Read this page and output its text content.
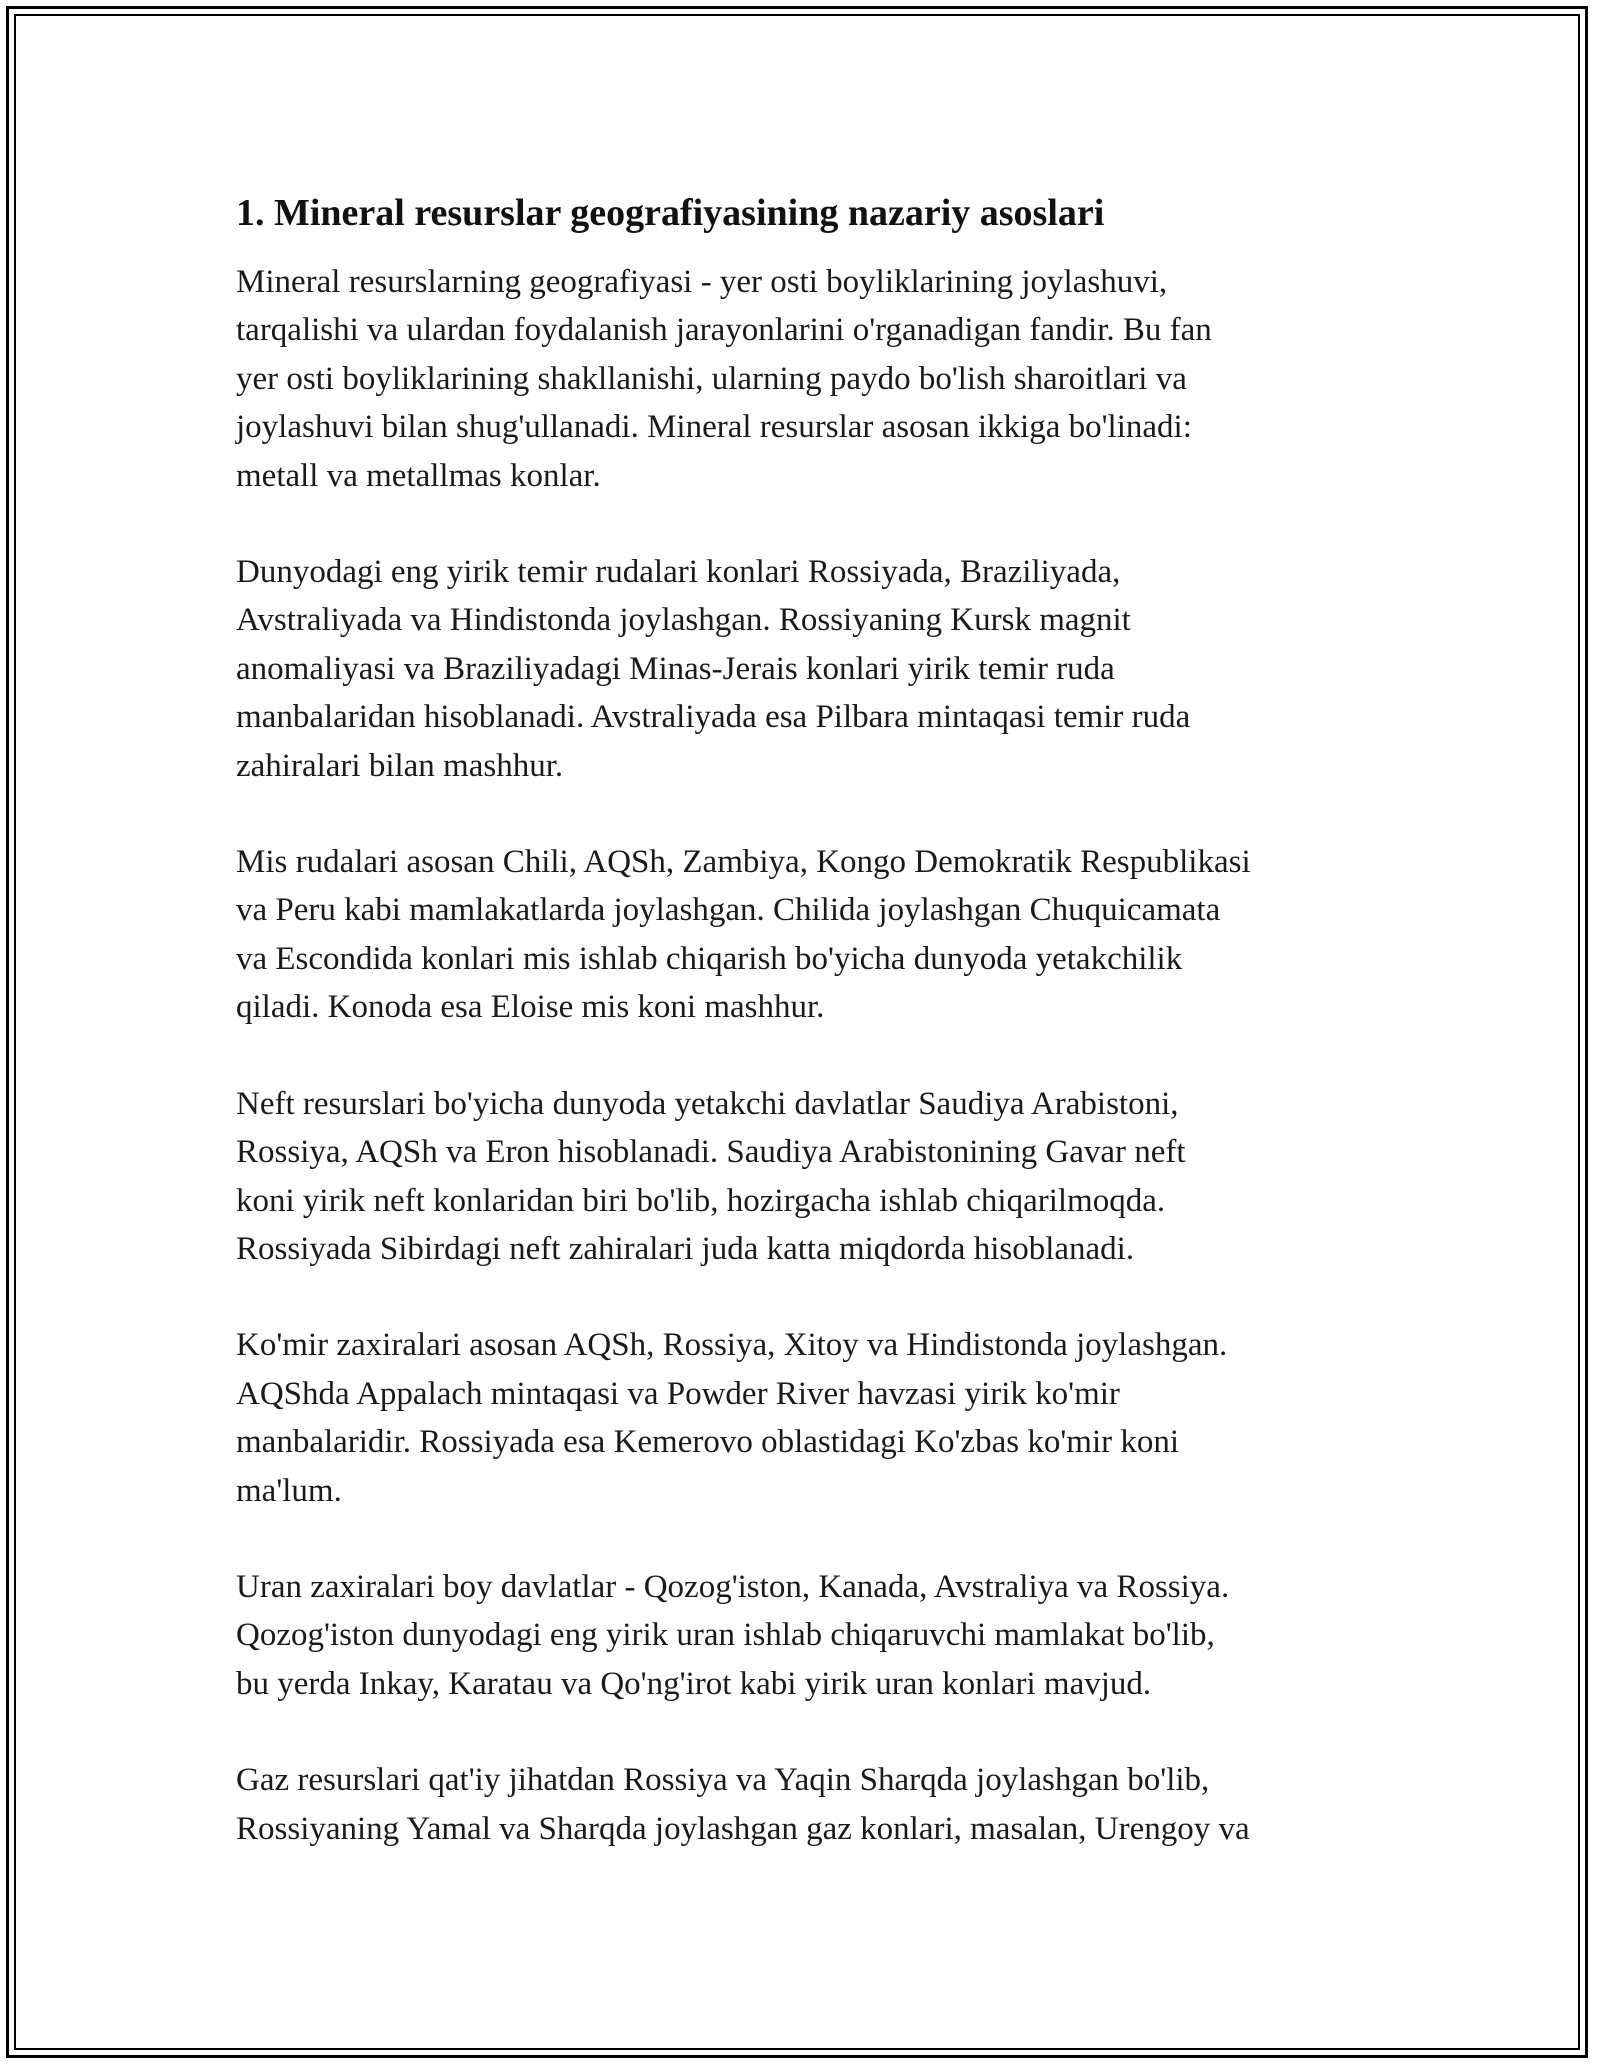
1. Mineral resurslar geografiyasining nazariy asoslari

Mineral resurslarning geografiyasi - yer osti boyliklarining joylashuvi,
tarqalishi va ulardan foydalanish jarayonlarini o'rganadigan fandir. Bu fan
yer osti boyliklarining shakllanishi, ularning paydo bo'lish sharoitlari va
joylashuvi bilan shug'ullanadi. Mineral resurslar asosan ikkiga bo'linadi:
metall va metallmas konlar.

Dunyodagi eng yirik temir rudalari konlari Rossiyada, Braziliyada,
Avstraliyada va Hindistonda joylashgan. Rossiyaning Kursk magnit
anomaliyasi va Braziliyadagi Minas-Jerais konlari yirik temir ruda
manbalaridan hisoblanadi. Avstraliyada esa Pilbara mintaqasi temir ruda
zahiralari bilan mashhur.

Mis rudalari asosan Chili, AQSh, Zambiya, Kongo Demokratik Respublikasi
va Peru kabi mamlakatlarda joylashgan. Chilida joylashgan Chuquicamata
va Escondida konlari mis ishlab chiqarish bo'yicha dunyoda yetakchilik
qiladi. Konoda esa Eloise mis koni mashhur.

Neft resurslari bo'yicha dunyoda yetakchi davlatlar Saudiya Arabistoni,
Rossiya, AQSh va Eron hisoblanadi. Saudiya Arabistonining Gavar neft
koni yirik neft konlaridan biri bo'lib, hozirgacha ishlab chiqarilmoqda.
Rossiyada Sibirdagi neft zahiralari juda katta miqdorda hisoblanadi.

Ko'mir zaxiralari asosan AQSh, Rossiya, Xitoy va Hindistonda joylashgan.
AQShda Appalach mintaqasi va Powder River havzasi yirik ko'mir
manbalaridir. Rossiyada esa Kemerovo oblastidagi Ko'zbas ko'mir koni
ma'lum.

Uran zaxiralari boy davlatlar - Qozog'iston, Kanada, Avstraliya va Rossiya.
Qozog'iston dunyodagi eng yirik uran ishlab chiqaruvchi mamlakat bo'lib,
bu yerda Inkay, Karatau va Qo'ng'irot kabi yirik uran konlari mavjud.

Gaz resurslari qat'iy jihatdan Rossiya va Yaqin Sharqda joylashgan bo'lib,
Rossiyaning Yamal va Sharqda joylashgan gaz konlari, masalan, Urengoy va
